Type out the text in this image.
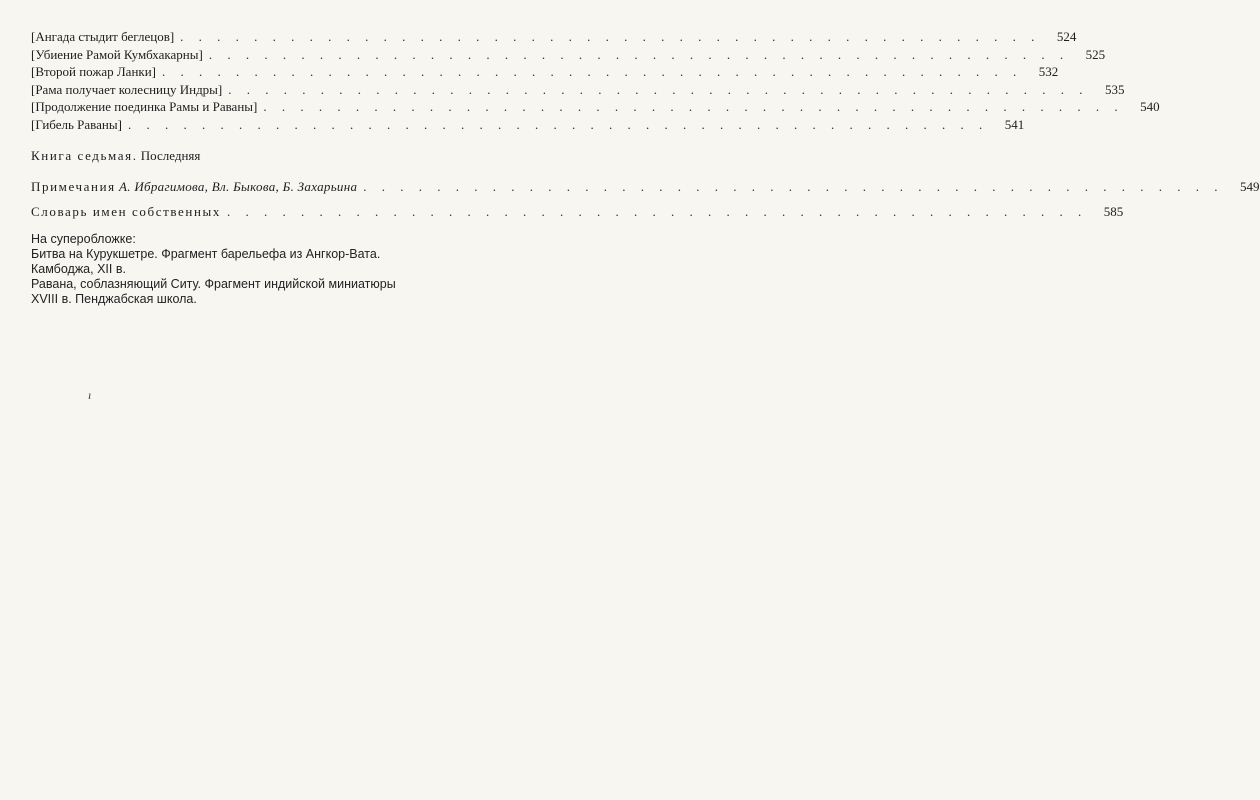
[Ангада стыдит беглецов] . . . . . . . . . . . . . . . . . . . . . . . . . . . . . . . . . . . . . . . . . . . . . . .	524
[Убиение Рамой Кумбхакарны] . . . . . . . . . . . . . . . . . . . . . . . . . . . . . . . . . . . . . . . . . . . . . . .	525
[Второй пожар Ланки] . . . . . . . . . . . . . . . . . . . . . . . . . . . . . . . . . . . . . . . . . . . . . . .	532
[Рама получает колесницу Индры] . . . . . . . . . . . . . . . . . . . . . . . . . . . . . . . . . . . . . . . . . . . . . . .	535
[Продолжение поединка Рамы и Раваны] . . . . . . . . . . . . . . . . . . . . . . . . . . . . . . . . . . . . . . . . . . . . . . .	540
[Гибель Раваны] . . . . . . . . . . . . . . . . . . . . . . . . . . . . . . . . . . . . . . . . . . . . . . .	541
Книга седьмая. Последняя
Примечания А. Ибрагимова, Вл. Быкова, Б. Захарьина . . . . . . . . . . . . . . . . . . . . . . . . . . . . . . . . . . . . . . . . . . . . . . .	549
Словарь имен собственных . . . . . . . . . . . . . . . . . . . . . . . . . . . . . . . . . . . . . . . . . . . . . . .	585
На суперобложке:
Битва на Курукшетре. Фрагмент барельефа из Ангкор-Вата.
Камбоджа, XII в.
Равана, соблазняющий Ситу. Фрагмент индийской миниатюры
XVIII в. Пенджабская школа.
ı
